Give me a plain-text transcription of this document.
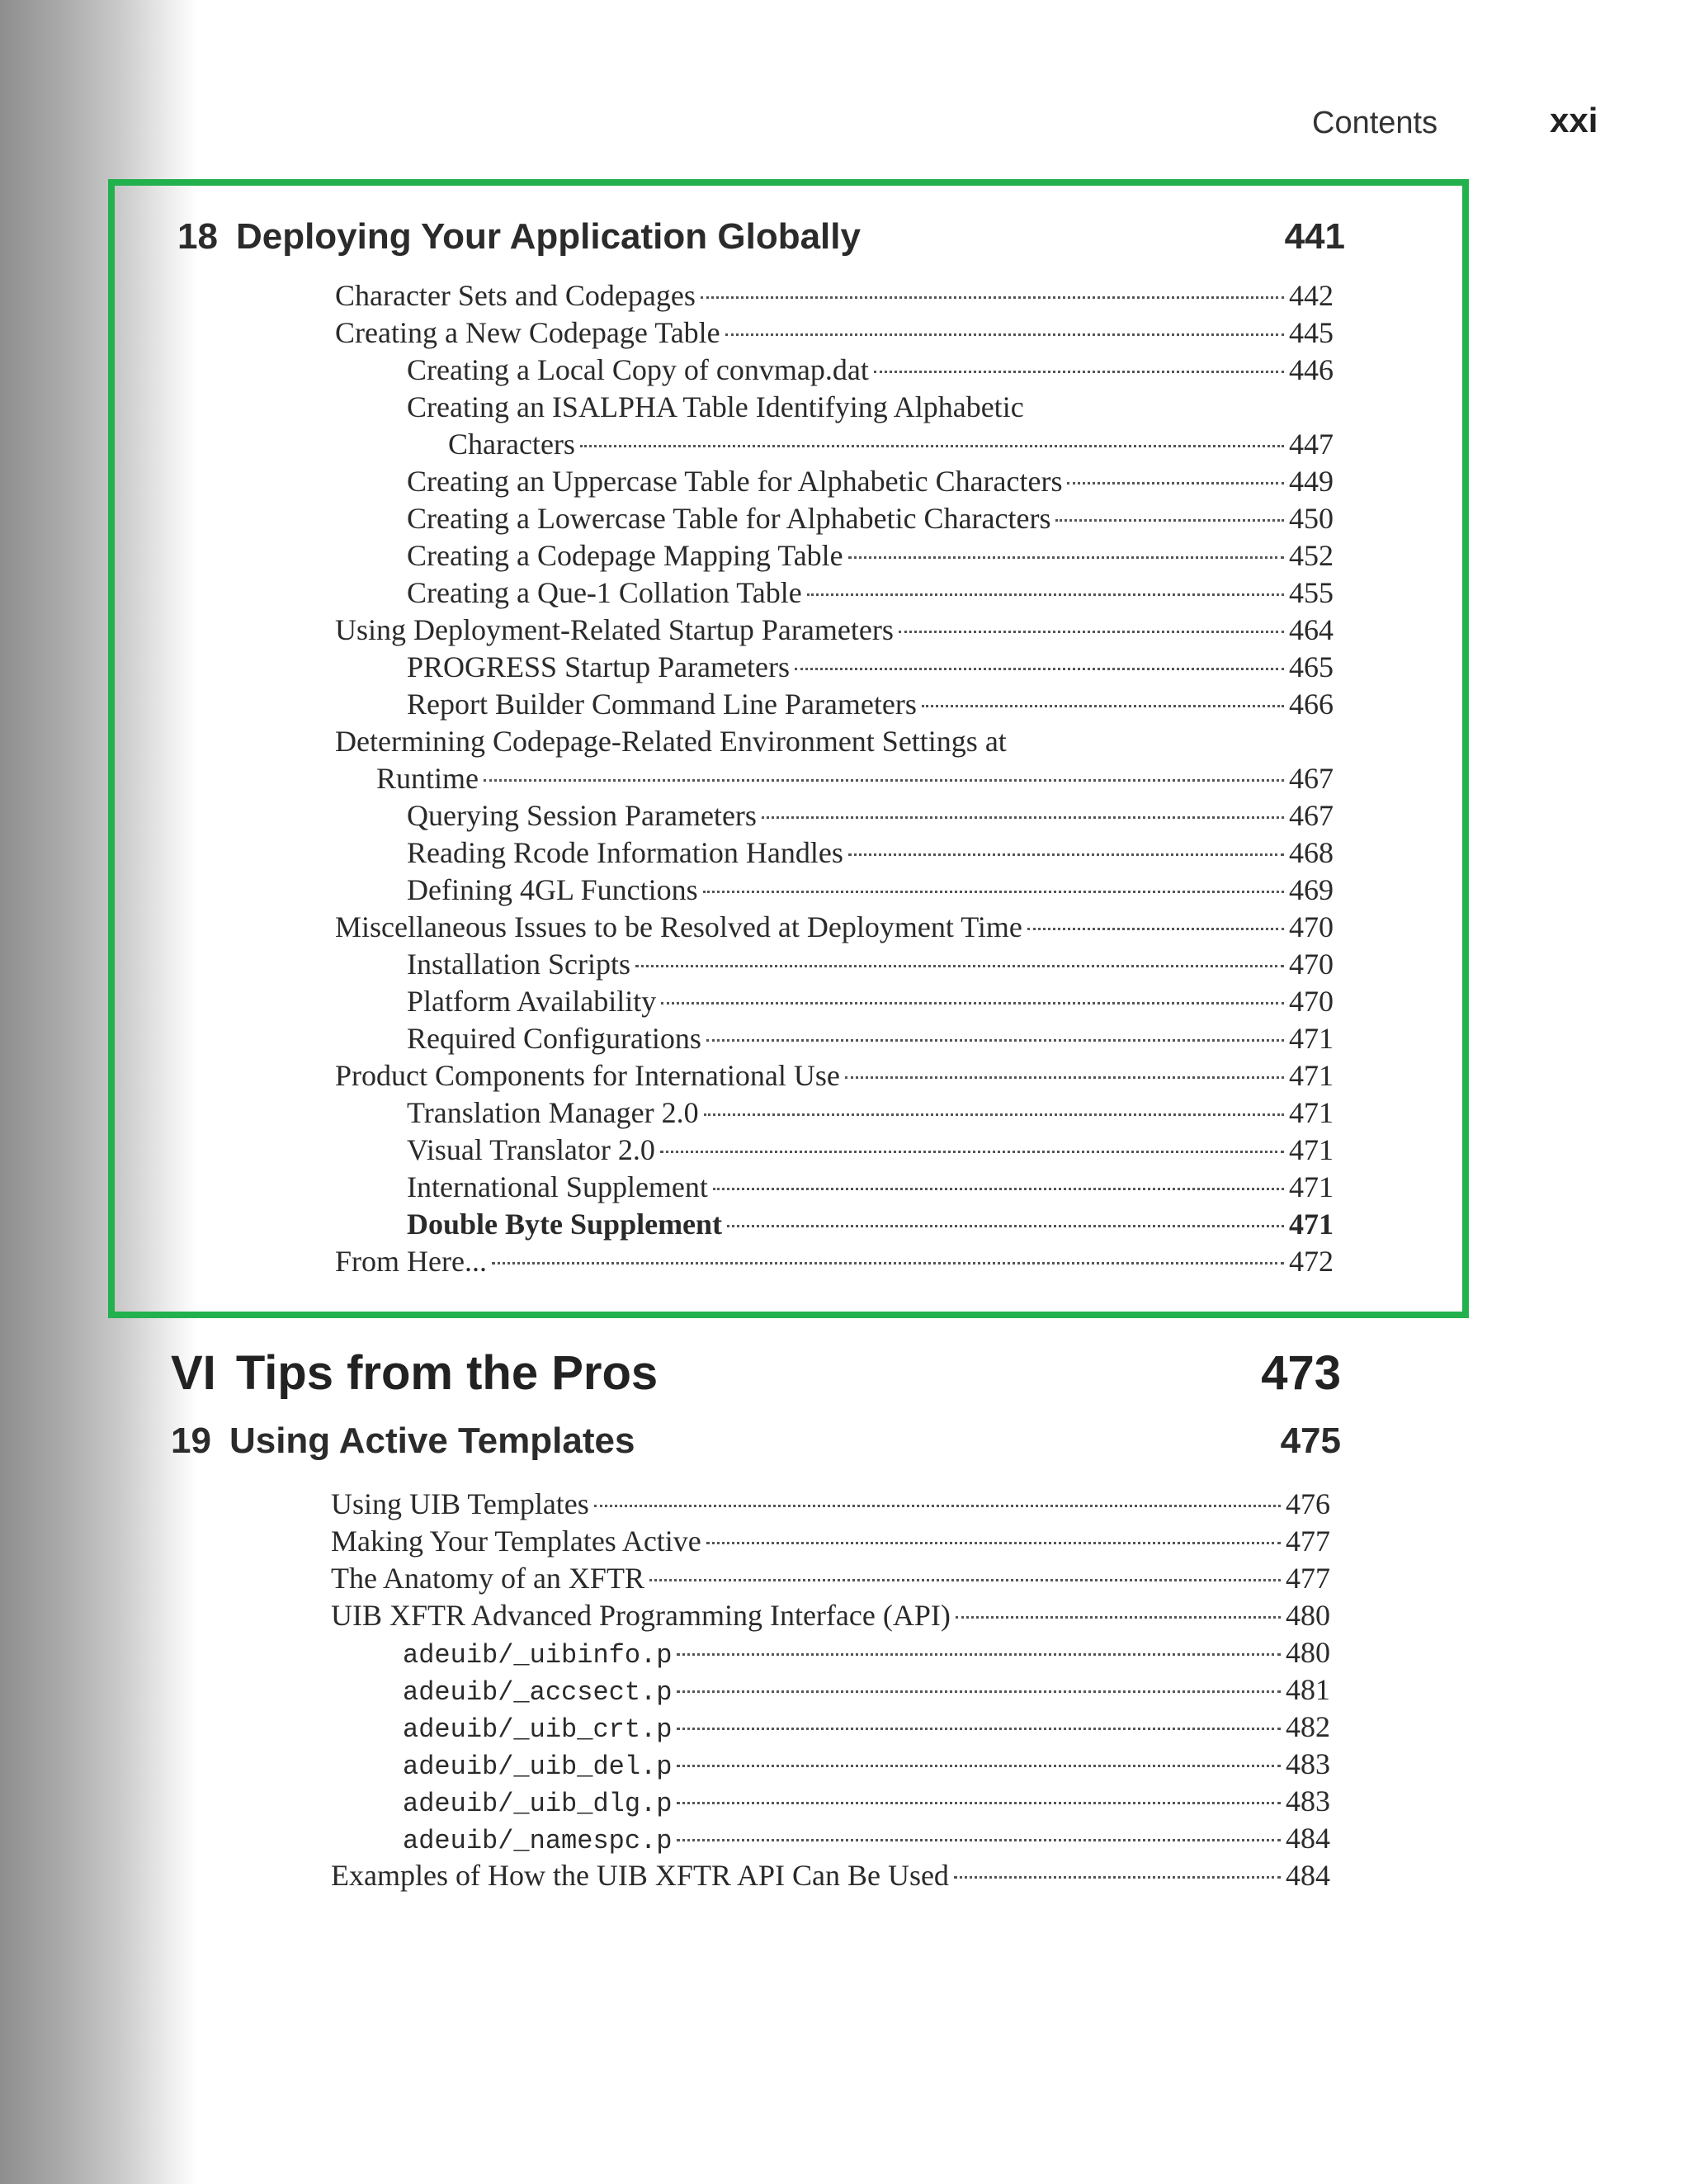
Contents	xxi
18 Deploying Your Application Globally	441
Character Sets and Codepages	442
Creating a New Codepage Table	445
Creating a Local Copy of convmap.dat	446
Creating an ISALPHA Table Identifying Alphabetic
Characters	447
Creating an Uppercase Table for Alphabetic Characters	449
Creating a Lowercase Table for Alphabetic Characters	450
Creating a Codepage Mapping Table	452
Creating a Que-1 Collation Table	455
Using Deployment-Related Startup Parameters	464
PROGRESS Startup Parameters	465
Report Builder Command Line Parameters	466
Determining Codepage-Related Environment Settings at
Runtime	467
Querying Session Parameters	467
Reading Rcode Information Handles	468
Defining 4GL Functions	469
Miscellaneous Issues to be Resolved at Deployment Time	470
Installation Scripts	470
Platform Availability	470
Required Configurations	471
Product Components for International Use	471
Translation Manager 2.0	471
Visual Translator 2.0	471
International Supplement	471
Double Byte Supplement	471
From Here...	472
VI Tips from the Pros	473
19 Using Active Templates	475
Using UIB Templates	476
Making Your Templates Active	477
The Anatomy of an XFTR	477
UIB XFTR Advanced Programming Interface (API)	480
adeuib/_uibinfo.p	480
adeuib/_accsect.p	481
adeuib/_uib_crt.p	482
adeuib/_uib_del.p	483
adeuib/_uib_dlg.p	483
adeuib/_namespc.p	484
Examples of How the UIB XFTR API Can Be Used	484
